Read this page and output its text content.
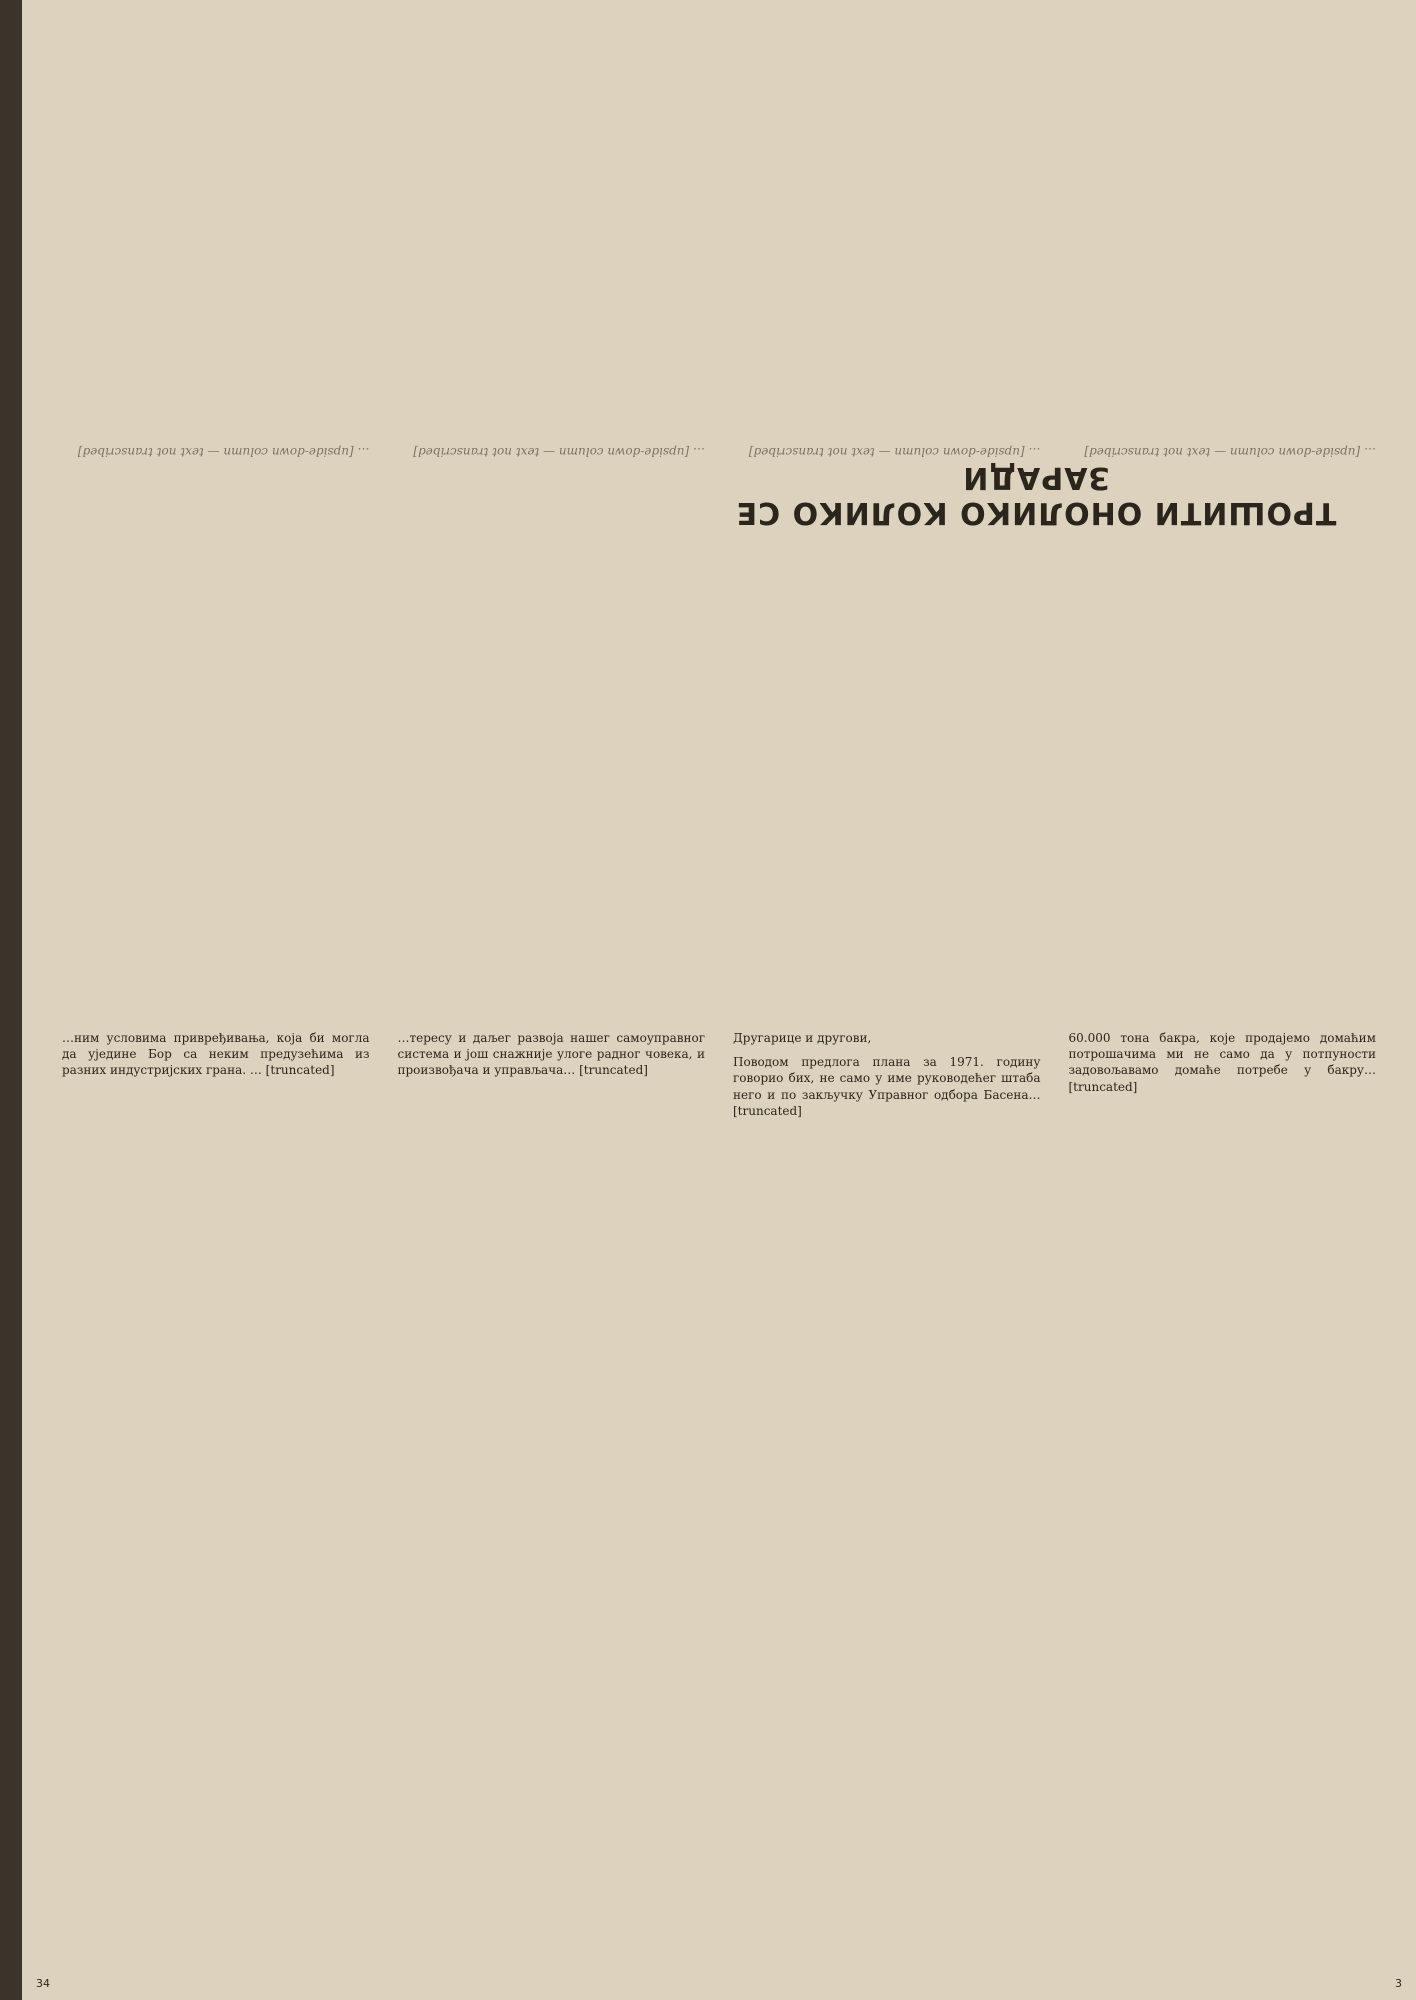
ТРОШИТИ ОНОЛИКО КОЛИКО СЕ ЗАРАДИ
… [upside-down column — text not transcribed]
… [upside-down column — text not transcribed]
… [upside-down column — text not transcribed]
… [upside-down column — text not transcribed]
…ним условима привређивања, која би могла да уједине Бор са неким предузећима из разних индустријских грана. … [truncated]
…тересу и даљег развоја нашег самоуправног система и још снажније улоге радног човека, и произвођача и управљача… [truncated]

Другарице и другови,

Поводом предлога плана за 1971. годину говорио бих, не само у име руководећег штаба него и по закључку Управног одбора Басена… [truncated]

60.000 тона бакра, које продајемо домаћим потрошачима ми не само да у потпуности задовољавамо домаће потребе у бакру… [truncated]
34	3
